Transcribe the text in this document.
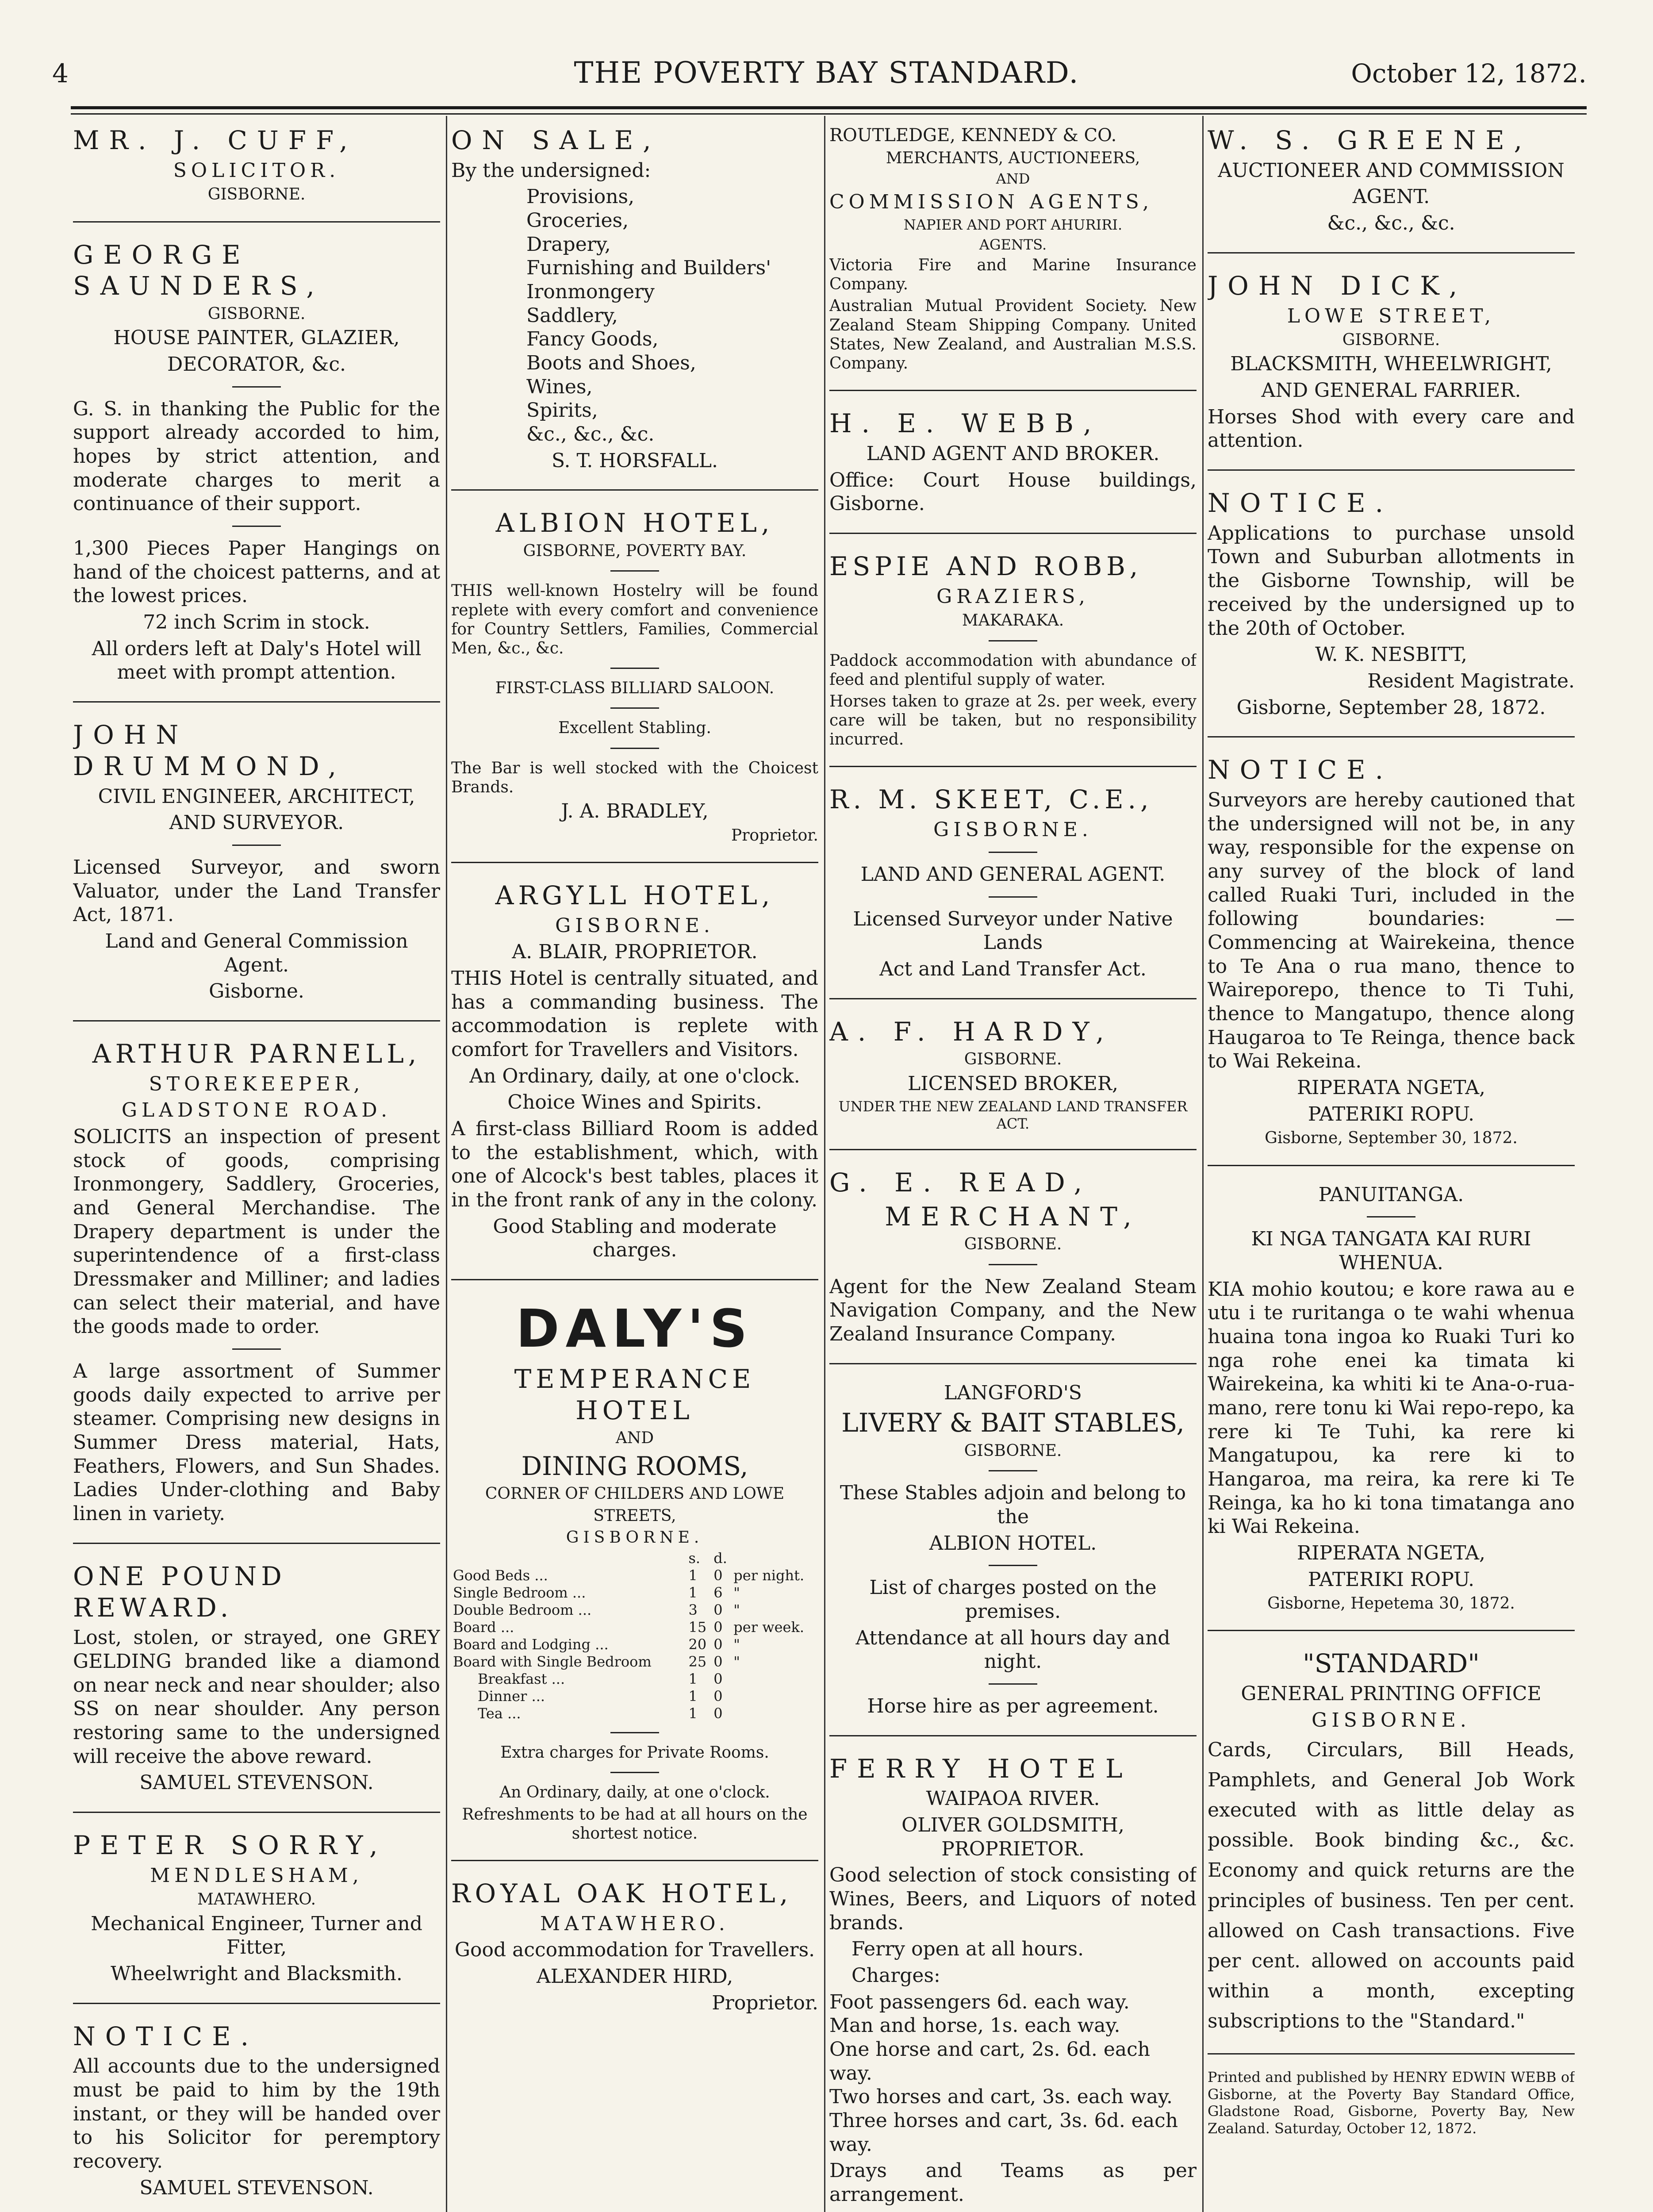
4	THE POVERTY BAY STANDARD.	October 12, 1872.

MR. J. CUFF,

SOLICITOR.

GISBORNE.

GEORGE SAUNDERS,

GISBORNE.

HOUSE PAINTER, GLAZIER,

DECORATOR, &c.

G. S. in thanking the Public for the support already accorded to him, hopes by strict attention, and moderate charges to merit a continuance of their support.

1,300 Pieces Paper Hangings on hand of the choicest patterns, and at the lowest prices.

72 inch Scrim in stock.

All orders left at Daly's Hotel will meet with prompt attention.

JOHN DRUMMOND,

CIVIL ENGINEER, ARCHITECT,

AND SURVEYOR.

Licensed Surveyor, and sworn Valuator, under the Land Transfer Act, 1871.

Land and General Commission Agent.

Gisborne.

ARTHUR PARNELL,

STOREKEEPER,

GLADSTONE ROAD.

SOLICITS an inspection of present stock of goods, comprising Ironmongery, Saddlery, Groceries, and General Merchandise. The Drapery department is under the superintendence of a first-class Dressmaker and Milliner; and ladies can select their material, and have the goods made to order.

A large assortment of Summer goods daily expected to arrive per steamer. Comprising new designs in Summer Dress material, Hats, Feathers, Flowers, and Sun Shades. Ladies Under-clothing and Baby linen in variety.

ONE POUND REWARD.

Lost, stolen, or strayed, one GREY GELDING branded like a diamond on near neck and near shoulder; also SS on near shoulder. Any person restoring same to the undersigned will receive the above reward.

SAMUEL STEVENSON.

PETER SORRY,

MENDLESHAM,

MATAWHERO.

Mechanical Engineer, Turner and Fitter,

Wheelwright and Blacksmith.

NOTICE.

All accounts due to the undersigned must be paid to him by the 19th instant, or they will be handed over to his Solicitor for peremptory recovery.

SAMUEL STEVENSON.

ON SALE,

By the undersigned:

Provisions,
Groceries,
Drapery,
Furnishing and Builders' Ironmongery
Saddlery,
Fancy Goods,
Boots and Shoes,
Wines,
Spirits,
&c., &c., &c.

S. T. HORSFALL.

ALBION HOTEL,

GISBORNE, POVERTY BAY.

THIS well-known Hostelry will be found replete with every comfort and convenience for Country Settlers, Families, Commercial Men, &c., &c.

FIRST-CLASS BILLIARD SALOON.

Excellent Stabling.

The Bar is well stocked with the Choicest Brands.

J. A. BRADLEY,

Proprietor.

ARGYLL HOTEL,

GISBORNE.

A. BLAIR, PROPRIETOR.

THIS Hotel is centrally situated, and has a commanding business. The accommodation is replete with comfort for Travellers and Visitors.

An Ordinary, daily, at one o'clock.

Choice Wines and Spirits.

A first-class Billiard Room is added to the establishment, which, with one of Alcock's best tables, places it in the front rank of any in the colony.

Good Stabling and moderate charges.

DALY'S

TEMPERANCE HOTEL

AND

DINING ROOMS,

CORNER OF CHILDERS AND LOWE

STREETS,

GISBORNE.

	s.	d.	
Good Beds ...	1	0	per night.
Single Bedroom ...	1	6	"
Double Bedroom ...	3	0	"
Board ...	15	0	per week.
Board and Lodging ...	20	0	"
Board with Single Bedroom	25	0	"
Breakfast ...	1	0	
Dinner ...	1	0	
Tea ...	1	0	

Extra charges for Private Rooms.

An Ordinary, daily, at one o'clock.

Refreshments to be had at all hours on the shortest notice.

ROYAL OAK HOTEL,

MATAWHERO.

Good accommodation for Travellers.

ALEXANDER HIRD,

Proprietor.

ROUTLEDGE, KENNEDY & CO.

MERCHANTS, AUCTIONEERS,

AND

COMMISSION AGENTS,

NAPIER AND PORT AHURIRI.

AGENTS.

Victoria Fire and Marine Insurance Company.

Australian Mutual Provident Society. New Zealand Steam Shipping Company. United States, New Zealand, and Australian M.S.S. Company.

H. E. WEBB,

LAND AGENT AND BROKER.

Office: Court House buildings, Gisborne.

ESPIE AND ROBB,

GRAZIERS,

MAKARAKA.

Paddock accommodation with abundance of feed and plentiful supply of water.

Horses taken to graze at 2s. per week, every care will be taken, but no responsibility incurred.

R. M. SKEET, C.E.,

GISBORNE.

LAND AND GENERAL AGENT.

Licensed Surveyor under Native Lands

Act and Land Transfer Act.

A. F. HARDY,

GISBORNE.

LICENSED BROKER,

UNDER THE NEW ZEALAND LAND TRANSFER ACT.

G. E. READ,

MERCHANT,

GISBORNE.

Agent for the New Zealand Steam Navigation Company, and the New Zealand Insurance Company.

LANGFORD'S

LIVERY & BAIT STABLES,

GISBORNE.

These Stables adjoin and belong to the

ALBION HOTEL.

List of charges posted on the premises.

Attendance at all hours day and night.

Horse hire as per agreement.

FERRY HOTEL

WAIPAOA RIVER.

OLIVER GOLDSMITH, PROPRIETOR.

Good selection of stock consisting of Wines, Beers, and Liquors of noted brands.

Ferry open at all hours.

Charges:

Foot passengers 6d. each way.
Man and horse, 1s. each way.
One horse and cart, 2s. 6d. each way.
Two horses and cart, 3s. each way.
Three horses and cart, 3s. 6d. each way.

Drays and Teams as per arrangement.

W. S. GREENE,

AUCTIONEER AND COMMISSION

AGENT.

&c., &c., &c.

JOHN DICK,

LOWE STREET,

GISBORNE.

BLACKSMITH, WHEELWRIGHT,

AND GENERAL FARRIER.

Horses Shod with every care and attention.

NOTICE.

Applications to purchase unsold Town and Suburban allotments in the Gisborne Township, will be received by the undersigned up to the 20th of October.

W. K. NESBITT,

Resident Magistrate.

Gisborne, September 28, 1872.

NOTICE.

Surveyors are hereby cautioned that the undersigned will not be, in any way, responsible for the expense on any survey of the block of land called Ruaki Turi, included in the following boundaries: — Commencing at Wairekeina, thence to Te Ana o rua mano, thence to Waireporepo, thence to Ti Tuhi, thence to Mangatupo, thence along Haugaroa to Te Reinga, thence back to Wai Rekeina.

RIPERATA NGETA,

PATERIKI ROPU.

Gisborne, September 30, 1872.

PANUITANGA.

KI NGA TANGATA KAI RURI WHENUA.

KIA mohio koutou; e kore rawa au e utu i te ruritanga o te wahi whenua huaina tona ingoa ko Ruaki Turi ko nga rohe enei ka timata ki Wairekeina, ka whiti ki te Ana-o-rua-mano, rere tonu ki Wai repo-repo, ka rere ki Te Tuhi, ka rere ki Mangatupou, ka rere ki to Hangaroa, ma reira, ka rere ki Te Reinga, ka ho ki tona timatanga ano ki Wai Rekeina.

RIPERATA NGETA,

PATERIKI ROPU.

Gisborne, Hepetema 30, 1872.

"STANDARD"

GENERAL PRINTING OFFICE

GISBORNE.

Cards, Circulars, Bill Heads, Pamphlets, and General Job Work executed with as little delay as possible. Book binding &c., &c. Economy and quick returns are the principles of business. Ten per cent. allowed on Cash transactions. Five per cent. allowed on accounts paid within a month, excepting subscriptions to the "Standard."

Printed and published by HENRY EDWIN WEBB of Gisborne, at the Poverty Bay Standard Office, Gladstone Road, Gisborne, Poverty Bay, New Zealand. Saturday, October 12, 1872.
